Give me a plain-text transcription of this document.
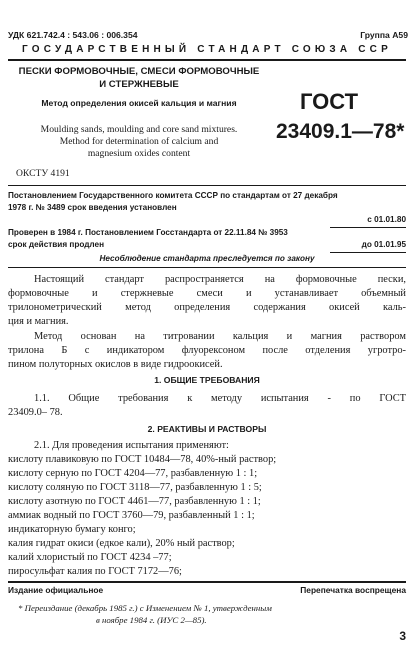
УДК 621.742.4 : 543.06 : 006.354	Группа А59
ГОСУДАРСТВЕННЫЙ СТАНДАРТ СОЮЗА ССР
ПЕСКИ ФОРМОВОЧНЫЕ, СМЕСИ ФОРМОВОЧНЫЕ
И СТЕРЖНЕВЫЕ
Метод определения окисей кальция и магния
Moulding sands, moulding and core sand mixtures.
Method for determination of calcium and
magnesium oxides content
ОКСТУ 4191
ГОСТ
23409.1—78*
Постановлением Государственного комитета СССР по стандартам от 27 декабря
1978 г. № 3489 срок введения установлен
с 01.01.80
Проверен в 1984 г. Постановлением Госстандарта от 22.11.84 № 3953
срок действия продлен	до 01.01.95
Несоблюдение стандарта преследуется по закону
Настоящий стандарт распространяется на формовочные пески,
формовочные и стержневые смеси и устанавливает объемный
трилонометрический метод определения содержания окисей каль-
ция и магния.
Метод основан на титровании кальция и магния раствором
трилона Б с индикатором флуорексоном после отделения угротро-
пином полуторных окислов в виде гидроокисей.
1. ОБЩИЕ ТРЕБОВАНИЯ
1.1. Общие требования к методу испытания - по ГОСТ
23409.0– 78.
2. РЕАКТИВЫ И РАСТВОРЫ
2.1. Для проведения испытания применяют:
кислоту плавиковую по ГОСТ 10484—78, 40%-ный раствор;
кислоту серную по ГОСТ 4204—77, разбавленную 1 : 1;
кислоту соляную по ГОСТ 3118—77, разбавленную 1 : 5;
кислоту азотную по ГОСТ 4461—77, разбавленную 1 : 1;
аммиак водный по ГОСТ 3760—79, разбавленный 1 : 1;
индикаторную бумагу конго;
калия гидрат окиси (едкое кали), 20% ный раствор;
калий хлористый по ГОСТ 4234 –77;
пиросульфат калия по ГОСТ 7172—76;
Издание официальное	Перепечатка воспрещена
* Переиздание (декабрь 1985 г.) с Изменением № 1, утвержденным
в ноябре 1984 г. (ИУС 2—85).
3
